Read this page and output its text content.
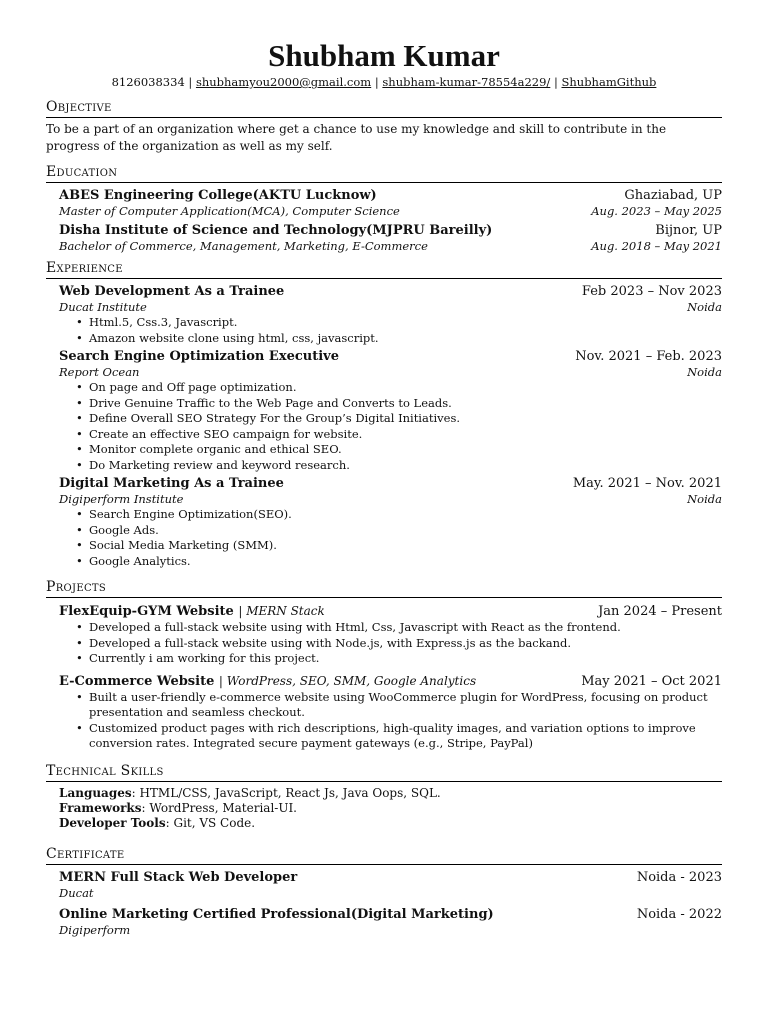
Shubham Kumar
8126038334 | shubhamyou2000@gmail.com | shubham-kumar-78554a229/ | ShubhamGithub
Objective
To be a part of an organization where get a chance to use my knowledge and skill to contribute in the progress of the organization as well as my self.
Education
ABES Engineering College(AKTU Lucknow)	Ghaziabad, UP
Master of Computer Application(MCA), Computer Science	Aug. 2023 – May 2025
Disha Institute of Science and Technology(MJPRU Bareilly)	Bijnor, UP
Bachelor of Commerce, Management, Marketing, E-Commerce	Aug. 2018 – May 2021
Experience
Web Development As a Trainee	Feb 2023 – Nov 2023
Ducat Institute	Noida
• Html.5, Css.3, Javascript.
• Amazon website clone using html, css, javascript.
Search Engine Optimization Executive	Nov. 2021 – Feb. 2023
Report Ocean	Noida
• On page and Off page optimization.
• Drive Genuine Traffic to the Web Page and Converts to Leads.
• Define Overall SEO Strategy For the Group’s Digital Initiatives.
• Create an effective SEO campaign for website.
• Monitor complete organic and ethical SEO.
• Do Marketing review and keyword research.
Digital Marketing As a Trainee	May. 2021 – Nov. 2021
Digiperform Institute	Noida
• Search Engine Optimization(SEO).
• Google Ads.
• Social Media Marketing (SMM).
• Google Analytics.
Projects
FlexEquip-GYM Website | MERN Stack	Jan 2024 – Present
• Developed a full-stack website using with Html, Css, Javascript with React as the frontend.
• Developed a full-stack website using with Node.js, with Express.js as the backand.
• Currently i am working for this project.
E-Commerce Website | WordPress, SEO, SMM, Google Analytics	May 2021 – Oct 2021
• Built a user-friendly e-commerce website using WooCommerce plugin for WordPress, focusing on product presentation and seamless checkout.
• Customized product pages with rich descriptions, high-quality images, and variation options to improve conversion rates. Integrated secure payment gateways (e.g., Stripe, PayPal)
Technical Skills
Languages: HTML/CSS, JavaScript, React Js, Java Oops, SQL.
Frameworks: WordPress, Material-UI.
Developer Tools: Git, VS Code.
Certificate
MERN Full Stack Web Developer	Noida - 2023
Ducat
Online Marketing Certified Professional(Digital Marketing)	Noida - 2022
Digiperform
